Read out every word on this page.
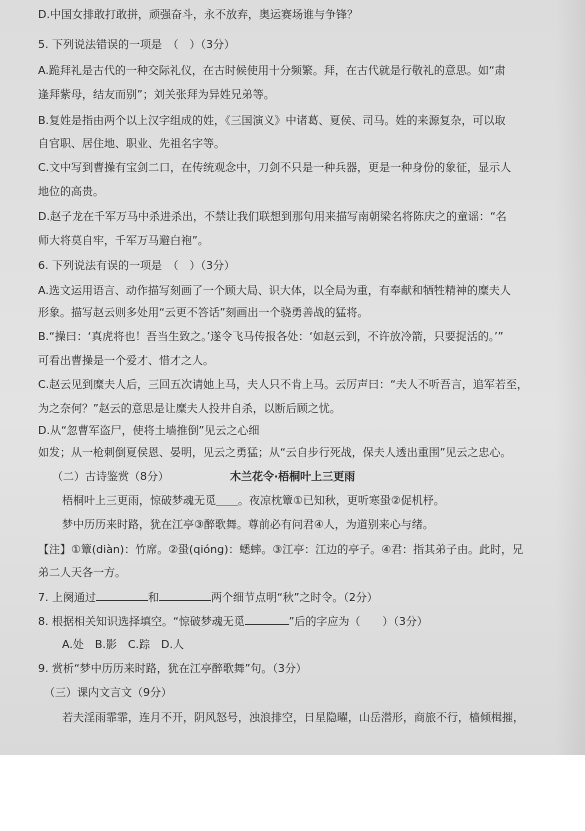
D.中国女排敢打敢拼，顽强奋斗，永不放弃，奥运赛场谁与争锋？
5. 下列说法错误的一项是　（　）（3分）
A.跪拜礼是古代的一种交际礼仪，在古时候使用十分频繁。拜，在古代就是行敬礼的意思。如“肃
逢拜紫母，结友而别”；刘关张拜为异姓兄弟等。
B.复姓是指由两个以上汉字组成的姓，《三国演义》中诸葛、夏侯、司马。姓的来源复杂，可以取
自官职、居住地、职业、先祖名字等。
C.文中写到曹操有宝剑二口，在传统观念中，刀剑不只是一种兵器，更是一种身份的象征，显示人
地位的高贵。
D.赵子龙在千军万马中杀进杀出，不禁让我们联想到那句用来描写南朝梁名将陈庆之的童谣：“名
师大将莫自牢，千军万马避白袍”。
6. 下列说法有误的一项是　（　）（3分）
A.选文运用语言、动作描写刻画了一个顾大局、识大体，以全局为重，有奉献和牺牲精神的糜夫人
形象。描写赵云则多处用“云更不答话”刻画出一个骁勇善战的猛将。
B.“操曰：‘真虎将也！吾当生致之。’遂令飞马传报各处：‘如赵云到，不许放冷箭，只要捉活的。’”
可看出曹操是一个爱才、惜才之人。
C.赵云见到糜夫人后，三回五次请她上马，夫人只不肯上马。云厉声曰：“夫人不听吾言，追军若至，
为之奈何？”赵云的意思是让糜夫人投井自杀，以断后顾之忧。
D.从“忽曹军盗尸，使将土墙推倒”见云之心细
如发；从一枪刺倒夏侯恩、晏明，见云之勇猛；从“云自步行死战，保夫人透出重围”见云之忠心。
（二）古诗鉴赏（8分）	木兰花令·梧桐叶上三更雨
梧桐叶上三更雨，惊破梦魂无觅＿＿。夜凉枕簟①已知秋，更听寒蛩②促机杼。
梦中历历来时路，犹在江亭③醉歌舞。尊前必有问君④人，为道别来心与绪。
【注】①簟(diàn)：竹席。②蛩(qióng)：蟋蟀。③江亭：江边的亭子。④君：指其弟子由。此时，兄
弟二人天各一方。
7. 上阕通过	和	两个细节点明“秋”之时令。（2分）
8. 根据相关知识选择填空。“惊破梦魂无觅	”后的字应为（　　）（3分）
A.处　B.影　C.踪　D.人
9. 赏析“梦中历历来时路，犹在江亭醉歌舞”句。（3分）
（三）课内文言文（9分）
若夫淫雨霏霏，连月不开，阴风怒号，浊浪排空，日星隐曜，山岳潜形，商旅不行，樯倾楫摧，
